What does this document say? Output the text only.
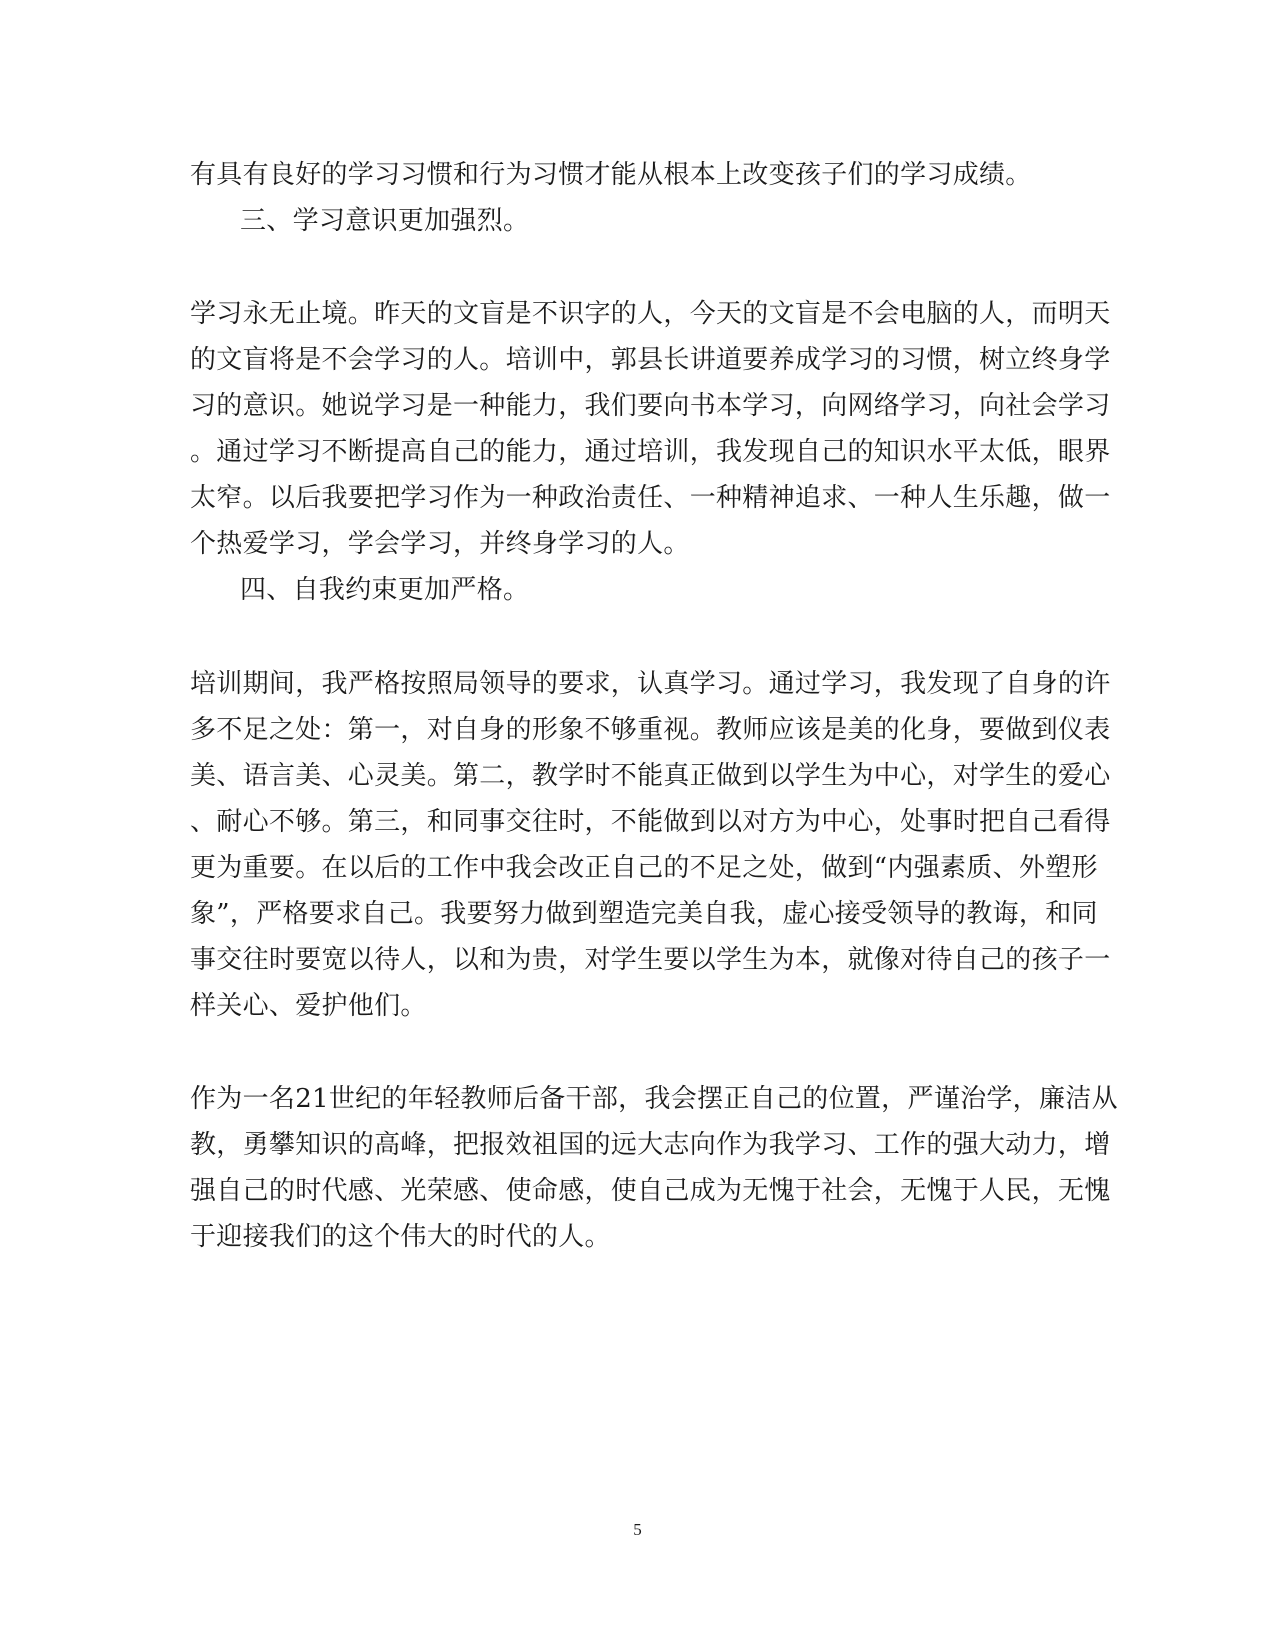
有具有良好的学习习惯和行为习惯才能从根本上改变孩子们的学习成绩。
三、学习意识更加强烈。
学习永无止境。昨天的文盲是不识字的人，今天的文盲是不会电脑的人，而明天
的文盲将是不会学习的人。培训中，郭县长讲道要养成学习的习惯，树立终身学
习的意识。她说学习是一种能力，我们要向书本学习，向网络学习，向社会学习
。通过学习不断提高自己的能力，通过培训，我发现自己的知识水平太低，眼界
太窄。以后我要把学习作为一种政治责任、一种精神追求、一种人生乐趣，做一
个热爱学习，学会学习，并终身学习的人。
四、自我约束更加严格。
培训期间，我严格按照局领导的要求，认真学习。通过学习，我发现了自身的许
多不足之处：第一，对自身的形象不够重视。教师应该是美的化身，要做到仪表
美、语言美、心灵美。第二，教学时不能真正做到以学生为中心，对学生的爱心
、耐心不够。第三，和同事交往时，不能做到以对方为中心，处事时把自己看得
更为重要。在以后的工作中我会改正自己的不足之处，做到“内强素质、外塑形
象”，严格要求自己。我要努力做到塑造完美自我，虚心接受领导的教诲，和同
事交往时要宽以待人，以和为贵，对学生要以学生为本，就像对待自己的孩子一
样关心、爱护他们。
作为一名21世纪的年轻教师后备干部，我会摆正自己的位置，严谨治学，廉洁从
教，勇攀知识的高峰，把报效祖国的远大志向作为我学习、工作的强大动力，增
强自己的时代感、光荣感、使命感，使自己成为无愧于社会，无愧于人民，无愧
于迎接我们的这个伟大的时代的人。
5
